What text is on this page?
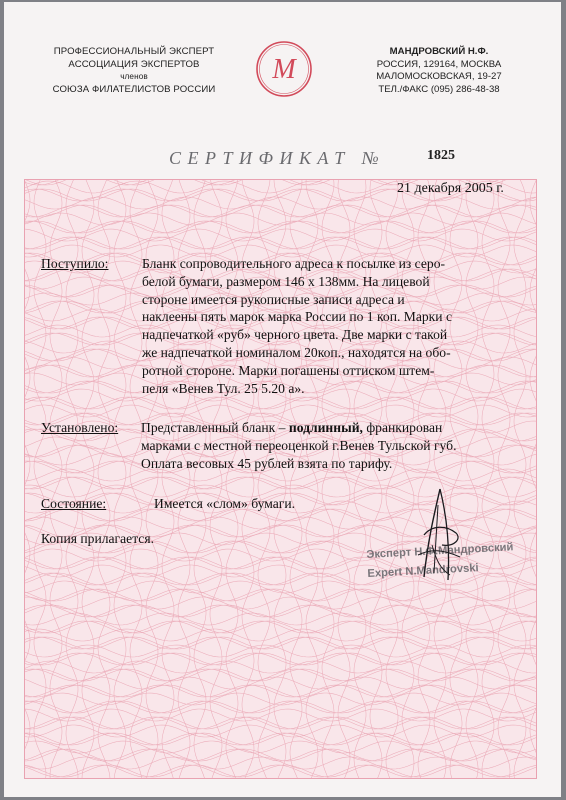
ПРОФЕССИОНАЛЬНЫЙ ЭКСПЕРТ
АССОЦИАЦИЯ ЭКСПЕРТОВ
членов
СОЮЗА ФИЛАТЕЛИСТОВ РОССИИ
M
МАНДРОВСКИЙ Н.Ф.
РОССИЯ, 129164, МОСКВА
МАЛОМОСКОВСКАЯ, 19-27
ТЕЛ./ФАКС (095) 286-48-38
СЕРТИФИКАТ №	1825
21 декабря 2005 г.
Поступило: Бланк сопроводительного адреса к посылке из серо-
белой бумаги, размером 146 х 138мм. На лицевой
стороне имеется рукописные записи адреса и
наклеены пять марок марка России по 1 коп. Марки с
надпечаткой «руб» черного цвета. Две марки с такой
же надпечаткой номиналом 20коп., находятся на обо-
ротной стороне. Марки погашены оттиском штем-
пеля «Венев Тул. 25 5.20 а».
Установлено: Представленный бланк – подлинный, франкирован
марками с местной переоценкой г.Венев Тульской губ.
Оплата весовых 45 рублей взята по тарифу.
Состояние:	Имеется «слом» бумаги.
Копия прилагается.
Эксперт Н.Ф.Мандровский
Expert N.Mandrovski
